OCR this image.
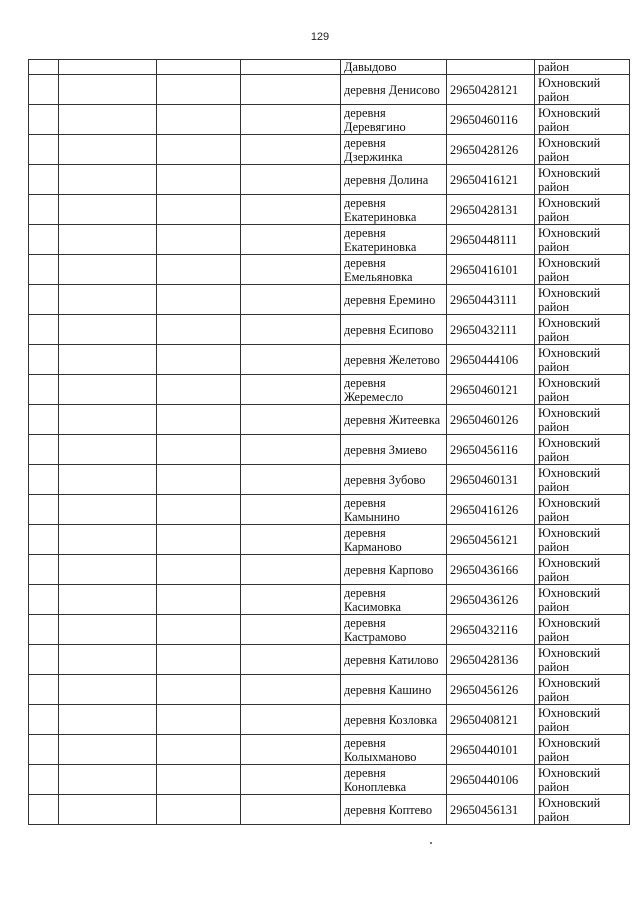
129
				Давыдово		район
				деревня Денисово	29650428121	Юхновский район
				деревня Деревягино	29650460116	Юхновский район
				деревня Дзержинка	29650428126	Юхновский район
				деревня Долина	29650416121	Юхновский район
				деревня Екатериновка	29650428131	Юхновский район
				деревня Екатериновка	29650448111	Юхновский район
				деревня Емельяновка	29650416101	Юхновский район
				деревня Еремино	29650443111	Юхновский район
				деревня Есипово	29650432111	Юхновский район
				деревня Желетово	29650444106	Юхновский район
				деревня Жеремесло	29650460121	Юхновский район
				деревня Житеевка	29650460126	Юхновский район
				деревня Змиево	29650456116	Юхновский район
				деревня Зубово	29650460131	Юхновский район
				деревня Камынино	29650416126	Юхновский район
				деревня Карманово	29650456121	Юхновский район
				деревня Карпово	29650436166	Юхновский район
				деревня Касимовка	29650436126	Юхновский район
				деревня Кастрамово	29650432116	Юхновский район
				деревня Катилово	29650428136	Юхновский район
				деревня Кашино	29650456126	Юхновский район
				деревня Козловка	29650408121	Юхновский район
				деревня Колыхманово	29650440101	Юхновский район
				деревня Коноплевка	29650440106	Юхновский район
				деревня Коптево	29650456131	Юхновский район
